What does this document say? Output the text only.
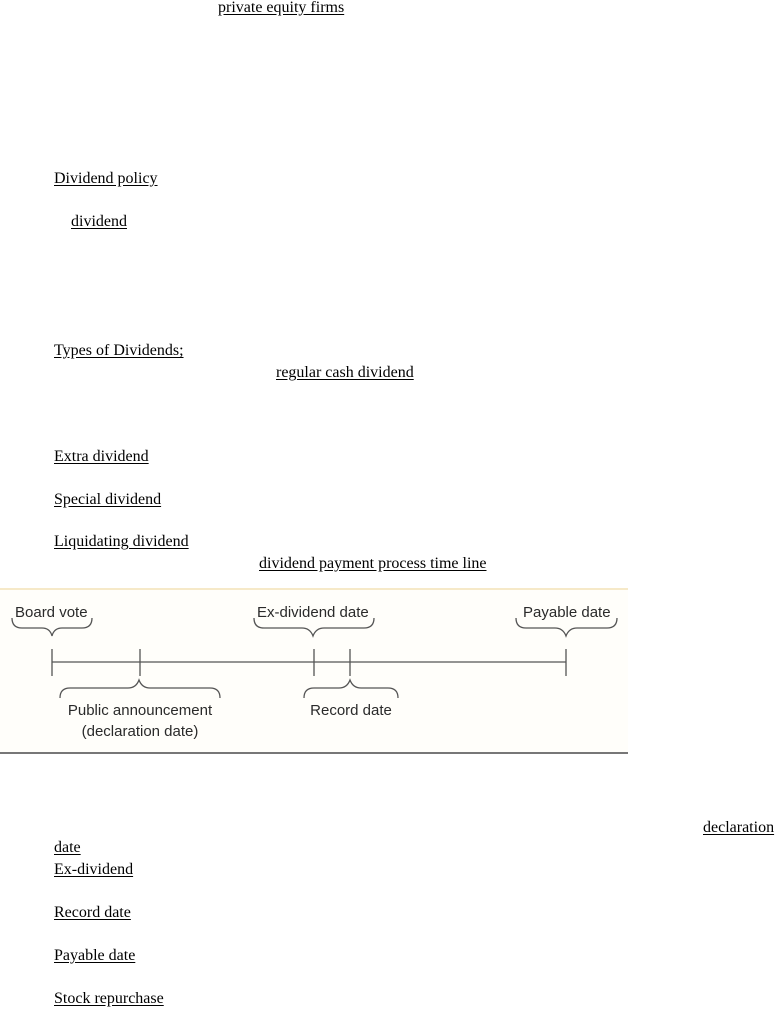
private equity firms
Dividend policy
dividend
Types of Dividends;
regular cash dividend
Extra dividend
Special dividend
Liquidating dividend
dividend payment process time line
Board vote	Ex-dividend date	Payable date
Public announcement
(declaration date)
Record date
declaration
date
Ex-dividend
Record date
Payable date
Stock repurchase
